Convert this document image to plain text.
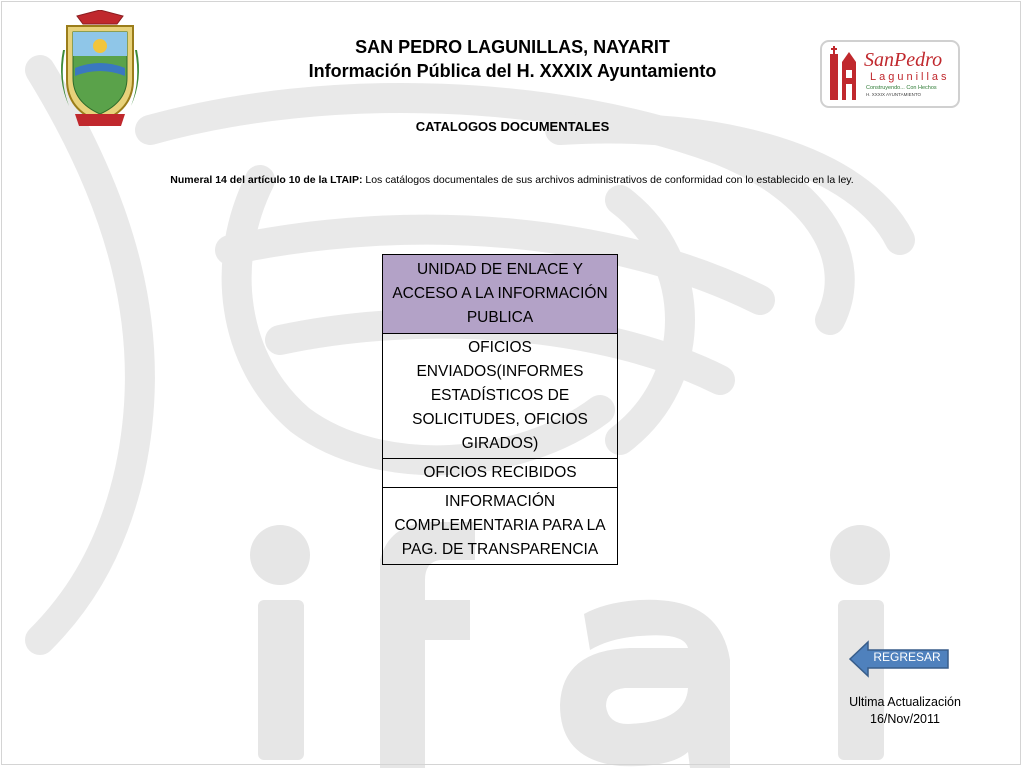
SanPedro
Lagunillas
Construyendo... Con Hechos
H. XXXIX AYUNTAMIENTO
SAN PEDRO LAGUNILLAS, NAYARIT
Información Pública del H. XXXIX Ayuntamiento
CATALOGOS DOCUMENTALES
Numeral 14 del artículo 10 de la LTAIP: Los catálogos documentales de sus archivos administrativos de conformidad con lo establecido en la ley.
UNIDAD DE ENLACE Y ACCESO A LA INFORMACIÓN PUBLICA
OFICIOS ENVIADOS(INFORMES ESTADÍSTICOS DE SOLICITUDES, OFICIOS GIRADOS)
OFICIOS RECIBIDOS
INFORMACIÓN COMPLEMENTARIA PARA LA PAG. DE TRANSPARENCIA
REGRESAR
Ultima Actualización
16/Nov/2011
